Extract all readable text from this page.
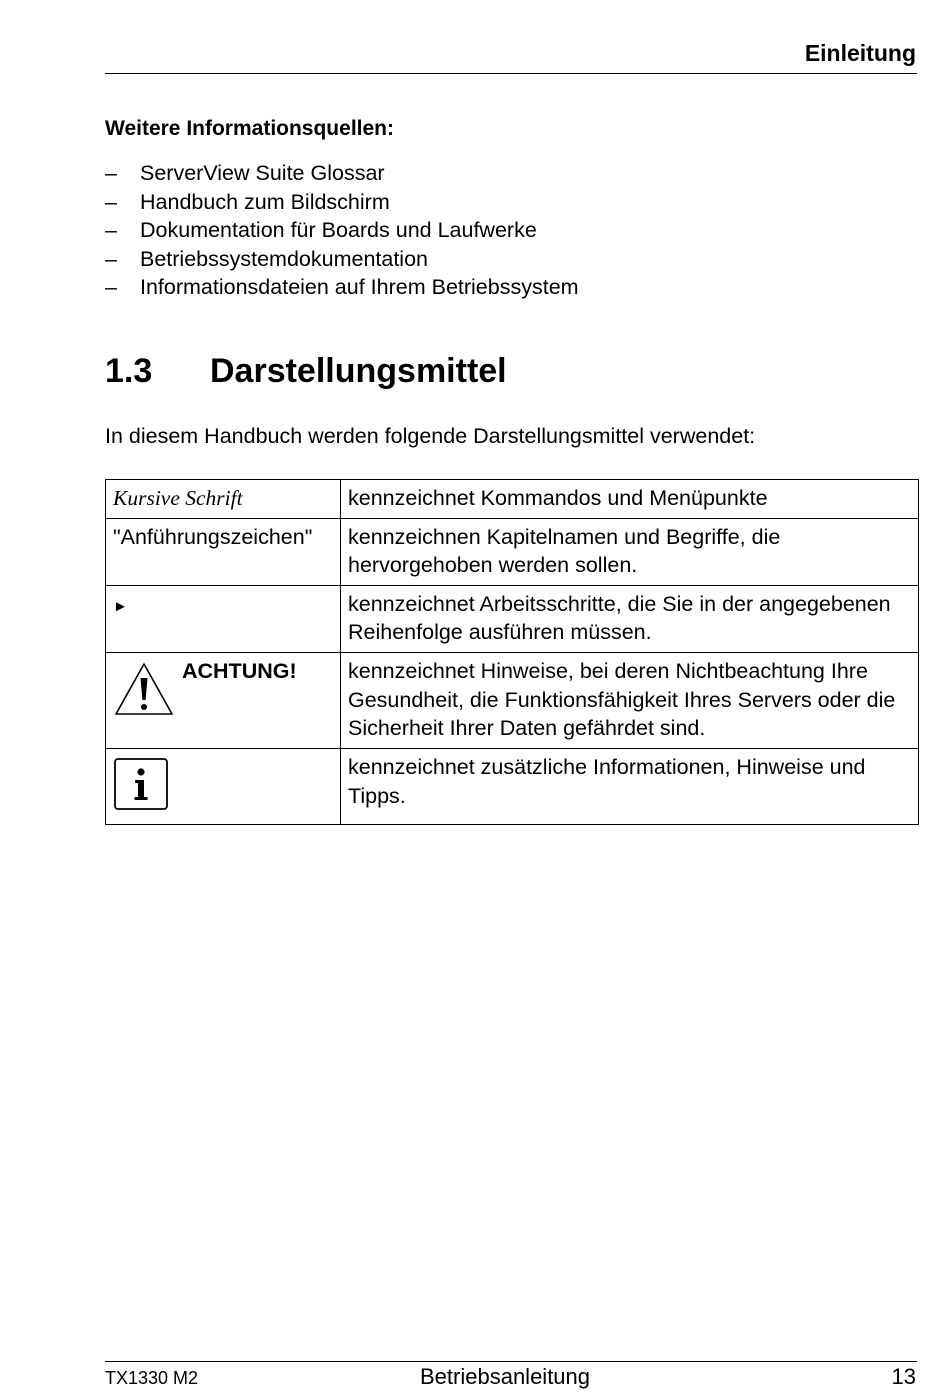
Einleitung
Weitere Informationsquellen:
– ServerView Suite Glossar
– Handbuch zum Bildschirm
– Dokumentation für Boards und Laufwerke
– Betriebssystemdokumentation
– Informationsdateien auf Ihrem Betriebssystem
1.3 Darstellungsmittel
In diesem Handbuch werden folgende Darstellungsmittel verwendet:
Kursive Schrift	kennzeichnet Kommandos und Menüpunkte
"Anführungszeichen"	kennzeichnen Kapitelnamen und Begriffe, die hervorgehoben werden sollen.
►	kennzeichnet Arbeitsschritte, die Sie in der angegebenen Reihenfolge ausführen müssen.

ACHTUNG!	kennzeichnet Hinweise, bei deren Nichtbeachtung Ihre Gesundheit, die Funktionsfähigkeit Ihres Servers oder die Sicherheit Ihrer Daten gefährdet sind.
	kennzeichnet zusätzliche Informationen, Hinweise und Tipps.
TX1330 M2	Betriebsanleitung	13
